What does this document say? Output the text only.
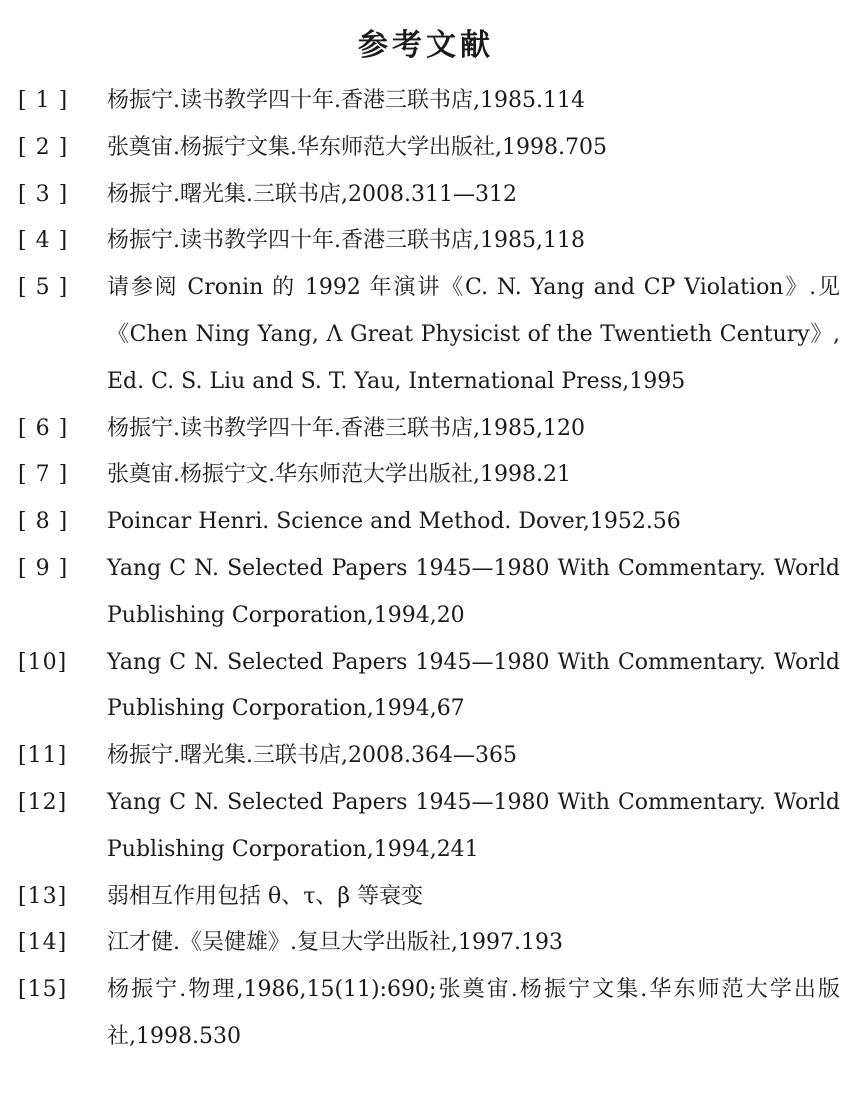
参考文献
[ 1 ]	杨振宁.读书教学四十年.香港三联书店,1985.114
[ 2 ]	张奠宙.杨振宁文集.华东师范大学出版社,1998.705
[ 3 ]	杨振宁.曙光集.三联书店,2008.311—312
[ 4 ]	杨振宁.读书教学四十年.香港三联书店,1985,118
[ 5 ]	请参阅 Cronin 的 1992 年演讲《C. N. Yang and CP Violation》.见《Chen Ning Yang, Λ Great Physicist of the Twentieth Century》, Ed. C. S. Liu and S. T. Yau, International Press,1995
[ 6 ]	杨振宁.读书教学四十年.香港三联书店,1985,120
[ 7 ]	张奠宙.杨振宁文.华东师范大学出版社,1998.21
[ 8 ]	Poincar Henri. Science and Method. Dover,1952.56
[ 9 ]	Yang C N. Selected Papers 1945—1980 With Commentary. World Publishing Corporation,1994,20
[10]	Yang C N. Selected Papers 1945—1980 With Commentary. World Publishing Corporation,1994,67
[11]	杨振宁.曙光集.三联书店,2008.364—365
[12]	Yang C N. Selected Papers 1945—1980 With Commentary. World Publishing Corporation,1994,241
[13]	弱相互作用包括 θ、τ、β 等衰变
[14]	江才健.《吴健雄》.复旦大学出版社,1997.193
[15]	杨振宁.物理,1986,15(11):690;张奠宙.杨振宁文集.华东师范大学出版社,1998.530
